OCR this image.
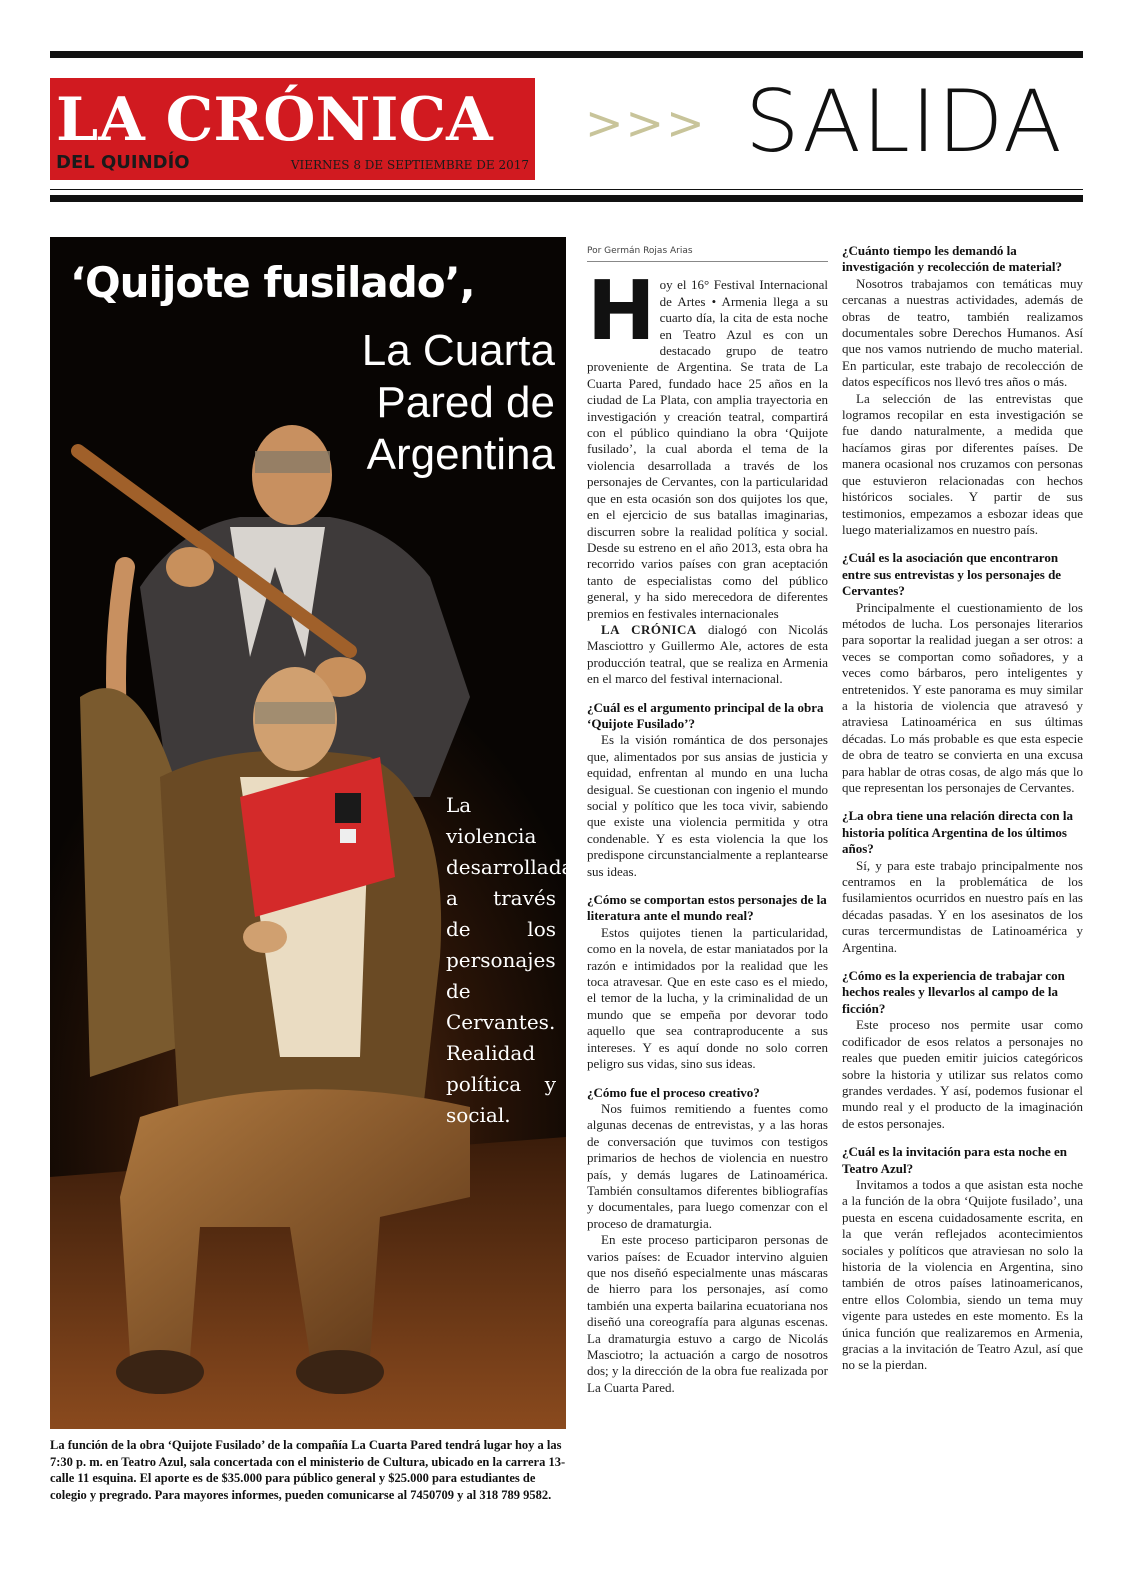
LA CRÓNICA
DEL QUINDÍO	VIERNES 8 DE SEPTIEMBRE DE 2017
>>> SALIDA
‘Quijote fusilado’,
La Cuarta Pared de Argentina
La violencia desarrollada a través de los personajes de Cervantes. Realidad política y social.
La función de la obra ‘Quijote Fusilado’ de la compañía La Cuarta Pared tendrá lugar hoy a las 7:30 p. m. en Teatro Azul, sala concertada con el ministerio de Cultura, ubicado en la carrera 13-calle 11 esquina. El aporte es de $35.000 para público general y $25.000 para estudiantes de colegio y pregrado. Para mayores informes, pueden comunicarse al 7450709 y al 318 789 9582.
Por Germán Rojas Arias

Hoy el 16° Festival Internacional de Artes • Armenia llega a su cuarto día, la cita de esta noche en Teatro Azul es con un destacado grupo de teatro proveniente de Argentina. Se trata de La Cuarta Pared, fundado hace 25 años en la ciudad de La Plata, con amplia trayectoria en investigación y creación teatral, compartirá con el público quindiano la obra ‘Quijote fusilado’, la cual aborda el tema de la violencia desarrollada a través de los personajes de Cervantes, con la particularidad que en esta ocasión son dos quijotes los que, en el ejercicio de sus batallas imaginarias, discurren sobre la realidad política y social. Desde su estreno en el año 2013, esta obra ha recorrido varios países con gran aceptación tanto de especialistas como del público general, y ha sido merecedora de diferentes premios en festivales internacionales

LA CRÓNICA dialogó con Nicolás Masciottro y Guillermo Ale, actores de esta producción teatral, que se realiza en Armenia en el marco del festival internacional.

¿Cuál es el argumento principal de la obra ‘Quijote Fusilado’?

Es la visión romántica de dos personajes que, alimentados por sus ansias de justicia y equidad, enfrentan al mundo en una lucha desigual. Se cuestionan con ingenio el mundo social y político que les toca vivir, sabiendo que existe una violencia permitida y otra condenable. Y es esta violencia la que los predispone circunstancialmente a replantearse sus ideas.

¿Cómo se comportan estos personajes de la literatura ante el mundo real?

Estos quijotes tienen la particularidad, como en la novela, de estar maniatados por la razón e intimidados por la realidad que les toca atravesar. Que en este caso es el miedo, el temor de la lucha, y la criminalidad de un mundo que se empeña por devorar todo aquello que sea contraproducente a sus intereses. Y es aquí donde no solo corren peligro sus vidas, sino sus ideas.

¿Cómo fue el proceso creativo?

Nos fuimos remitiendo a fuentes como algunas decenas de entrevistas, y a las horas de conversación que tuvimos con testigos primarios de hechos de violencia en nuestro país, y demás lugares de Latinoamérica. También consultamos diferentes bibliografías y documentales, para luego comenzar con el proceso de dramaturgia.

En este proceso participaron personas de varios países: de Ecuador intervino alguien que nos diseñó especialmente unas máscaras de hierro para los personajes, así como también una experta bailarina ecuatoriana nos diseñó una coreografía para algunas escenas. La dramaturgia estuvo a cargo de Nicolás Masciotro; la actuación a cargo de nosotros dos; y la dirección de la obra fue realizada por La Cuarta Pared.

¿Cuánto tiempo les demandó la investigación y recolección de material?

Nosotros trabajamos con temáticas muy cercanas a nuestras actividades, además de obras de teatro, también realizamos documentales sobre Derechos Humanos. Así que nos vamos nutriendo de mucho material. En particular, este trabajo de recolección de datos específicos nos llevó tres años o más.

La selección de las entrevistas que logramos recopilar en esta investigación se fue dando naturalmente, a medida que hacíamos giras por diferentes países. De manera ocasional nos cruzamos con personas que estuvieron relacionadas con hechos históricos sociales. Y partir de sus testimonios, empezamos a esbozar ideas que luego materializamos en nuestro país.

¿Cuál es la asociación que encontraron entre sus entrevistas y los personajes de Cervantes?

Principalmente el cuestionamiento de los métodos de lucha. Los personajes literarios para soportar la realidad juegan a ser otros: a veces se comportan como soñadores, y a veces como bárbaros, pero inteligentes y entretenidos. Y este panorama es muy similar a la historia de violencia que atravesó y atraviesa Latinoamérica en sus últimas décadas. Lo más probable es que esta especie de obra de teatro se convierta en una excusa para hablar de otras cosas, de algo más que lo que representan los personajes de Cervantes.

¿La obra tiene una relación directa con la historia política Argentina de los últimos años?

Sí, y para este trabajo principalmente nos centramos en la problemática de los fusilamientos ocurridos en nuestro país en las décadas pasadas. Y en los asesinatos de los curas tercermundistas de Latinoamérica y Argentina.

¿Cómo es la experiencia de trabajar con hechos reales y llevarlos al campo de la ficción?

Este proceso nos permite usar como codificador de esos relatos a personajes no reales que pueden emitir juicios categóricos sobre la historia y utilizar sus relatos como grandes verdades. Y así, podemos fusionar el mundo real y el producto de la imaginación de estos personajes.

¿Cuál es la invitación para esta noche en Teatro Azul?

Invitamos a todos a que asistan esta noche a la función de la obra ‘Quijote fusilado’, una puesta en escena cuidadosamente escrita, en la que verán reflejados acontecimientos sociales y políticos que atraviesan no solo la historia de la violencia en Argentina, sino también de otros países latinoamericanos, entre ellos Colombia, siendo un tema muy vigente para ustedes en este momento. Es la única función que realizaremos en Armenia, gracias a la invitación de Teatro Azul, así que no se la pierdan.
